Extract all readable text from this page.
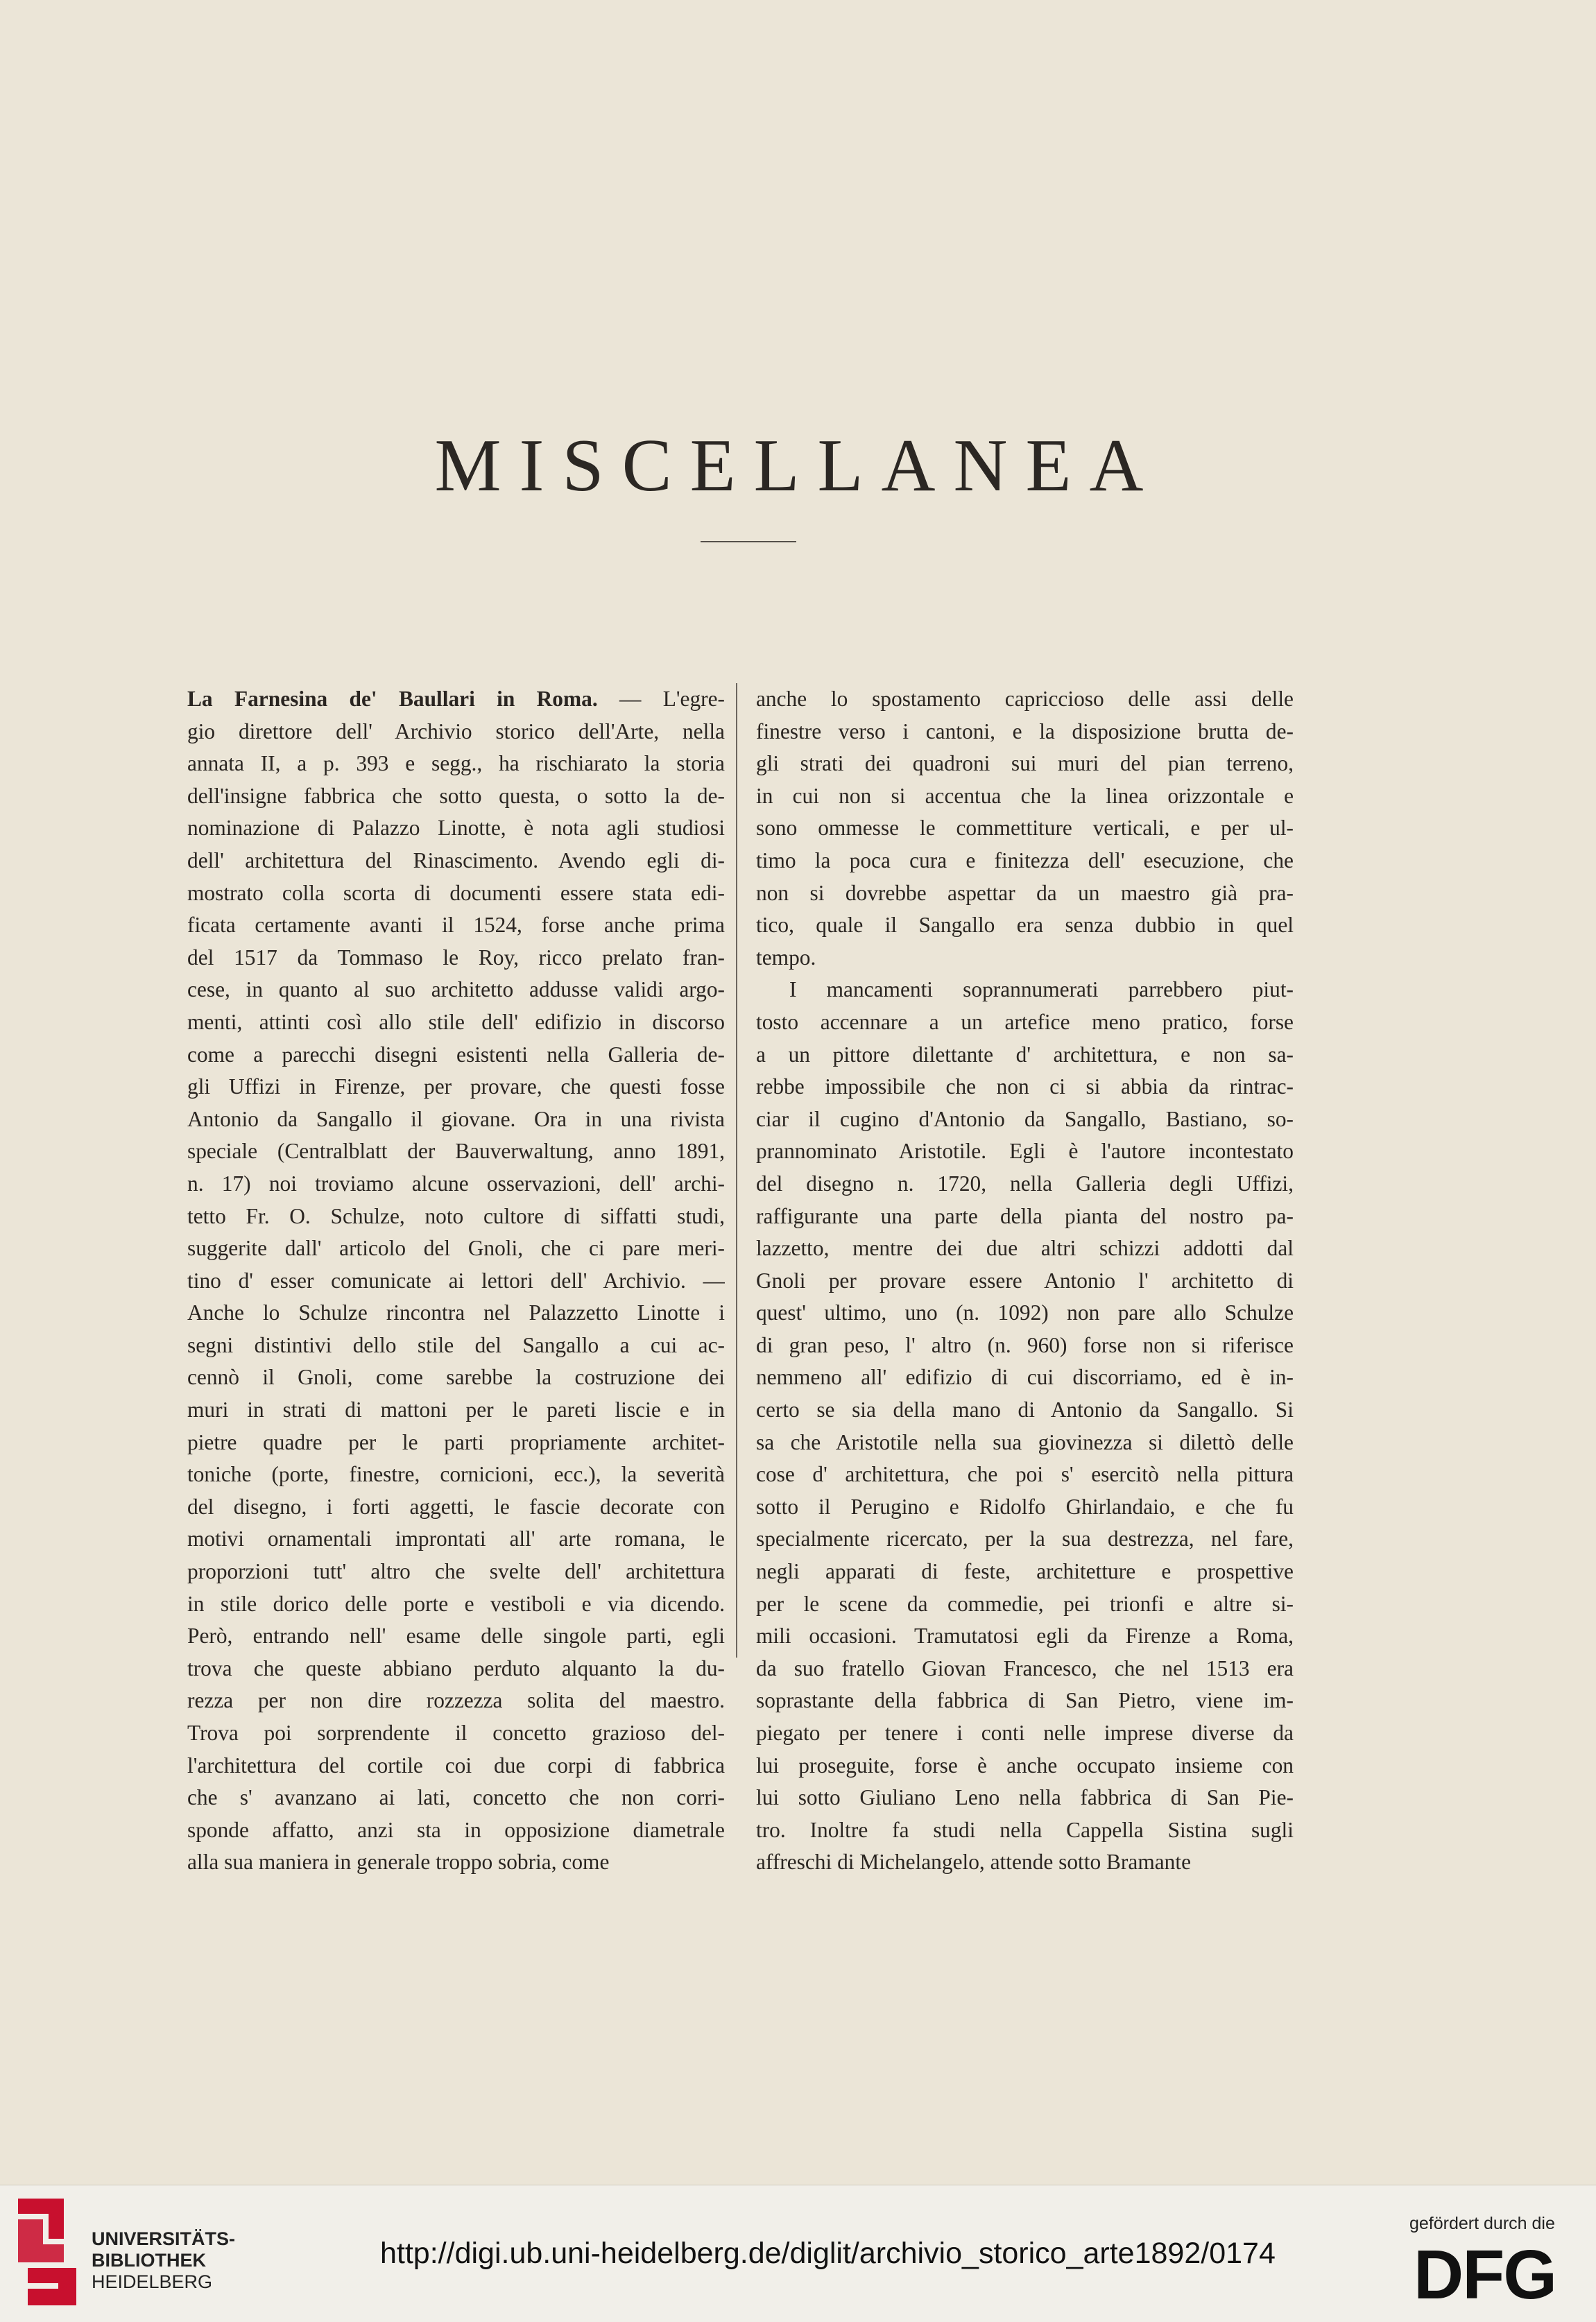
MISCELLANEA
La Farnesina de' Baullari in Roma. — L'egre-
gio direttore dell' Archivio storico dell'Arte, nella
annata II, a p. 393 e segg., ha rischiarato la storia
dell'insigne fabbrica che sotto questa, o sotto la de-
nominazione di Palazzo Linotte, è nota agli studiosi
dell' architettura del Rinascimento. Avendo egli di-
mostrato colla scorta di documenti essere stata edi-
ficata certamente avanti il 1524, forse anche prima
del 1517 da Tommaso le Roy, ricco prelato fran-
cese, in quanto al suo architetto addusse validi argo-
menti, attinti così allo stile dell' edifizio in discorso
come a parecchi disegni esistenti nella Galleria de-
gli Uffizi in Firenze, per provare, che questi fosse
Antonio da Sangallo il giovane. Ora in una rivista
speciale (Centralblatt der Bauverwaltung, anno 1891,
n. 17) noi troviamo alcune osservazioni, dell' archi-
tetto Fr. O. Schulze, noto cultore di siffatti studi,
suggerite dall' articolo del Gnoli, che ci pare meri-
tino d' esser comunicate ai lettori dell' Archivio. —
Anche lo Schulze rincontra nel Palazzetto Linotte i
segni distintivi dello stile del Sangallo a cui ac-
cennò il Gnoli, come sarebbe la costruzione dei
muri in strati di mattoni per le pareti liscie e in
pietre quadre per le parti propriamente architet-
toniche (porte, finestre, cornicioni, ecc.), la severità
del disegno, i forti aggetti, le fascie decorate con
motivi ornamentali improntati all' arte romana, le
proporzioni tutt' altro che svelte dell' architettura
in stile dorico delle porte e vestiboli e via dicendo.
Però, entrando nell' esame delle singole parti, egli
trova che queste abbiano perduto alquanto la du-
rezza per non dire rozzezza solita del maestro.
Trova poi sorprendente il concetto grazioso del-
l'architettura del cortile coi due corpi di fabbrica
che s' avanzano ai lati, concetto che non corri-
sponde affatto, anzi sta in opposizione diametrale
alla sua maniera in generale troppo sobria, come
anche lo spostamento capriccioso delle assi delle
finestre verso i cantoni, e la disposizione brutta de-
gli strati dei quadroni sui muri del pian terreno,
in cui non si accentua che la linea orizzontale e
sono ommesse le commettiture verticali, e per ul-
timo la poca cura e finitezza dell' esecuzione, che
non si dovrebbe aspettar da un maestro già pra-
tico, quale il Sangallo era senza dubbio in quel
tempo.
I mancamenti soprannumerati parrebbero piut-
tosto accennare a un artefice meno pratico, forse
a un pittore dilettante d' architettura, e non sa-
rebbe impossibile che non ci si abbia da rintrac-
ciar il cugino d'Antonio da Sangallo, Bastiano, so-
prannominato Aristotile. Egli è l'autore incontestato
del disegno n. 1720, nella Galleria degli Uffizi,
raffigurante una parte della pianta del nostro pa-
lazzetto, mentre dei due altri schizzi addotti dal
Gnoli per provare essere Antonio l' architetto di
quest' ultimo, uno (n. 1092) non pare allo Schulze
di gran peso, l' altro (n. 960) forse non si riferisce
nemmeno all' edifizio di cui discorriamo, ed è in-
certo se sia della mano di Antonio da Sangallo. Si
sa che Aristotile nella sua giovinezza si dilettò delle
cose d' architettura, che poi s' esercitò nella pittura
sotto il Perugino e Ridolfo Ghirlandaio, e che fu
specialmente ricercato, per la sua destrezza, nel fare,
negli apparati di feste, architetture e prospettive
per le scene da commedie, pei trionfi e altre si-
mili occasioni. Tramutatosi egli da Firenze a Roma,
da suo fratello Giovan Francesco, che nel 1513 era
soprastante della fabbrica di San Pietro, viene im-
piegato per tenere i conti nelle imprese diverse da
lui proseguite, forse è anche occupato insieme con
lui sotto Giuliano Leno nella fabbrica di San Pie-
tro. Inoltre fa studi nella Cappella Sistina sugli
affreschi di Michelangelo, attende sotto Bramante
UNIVERSITÄTS-
BIBLIOTHEK
HEIDELBERG
http://digi.ub.uni-heidelberg.de/diglit/archivio_storico_arte1892/0174
gefördert durch die
DFG
